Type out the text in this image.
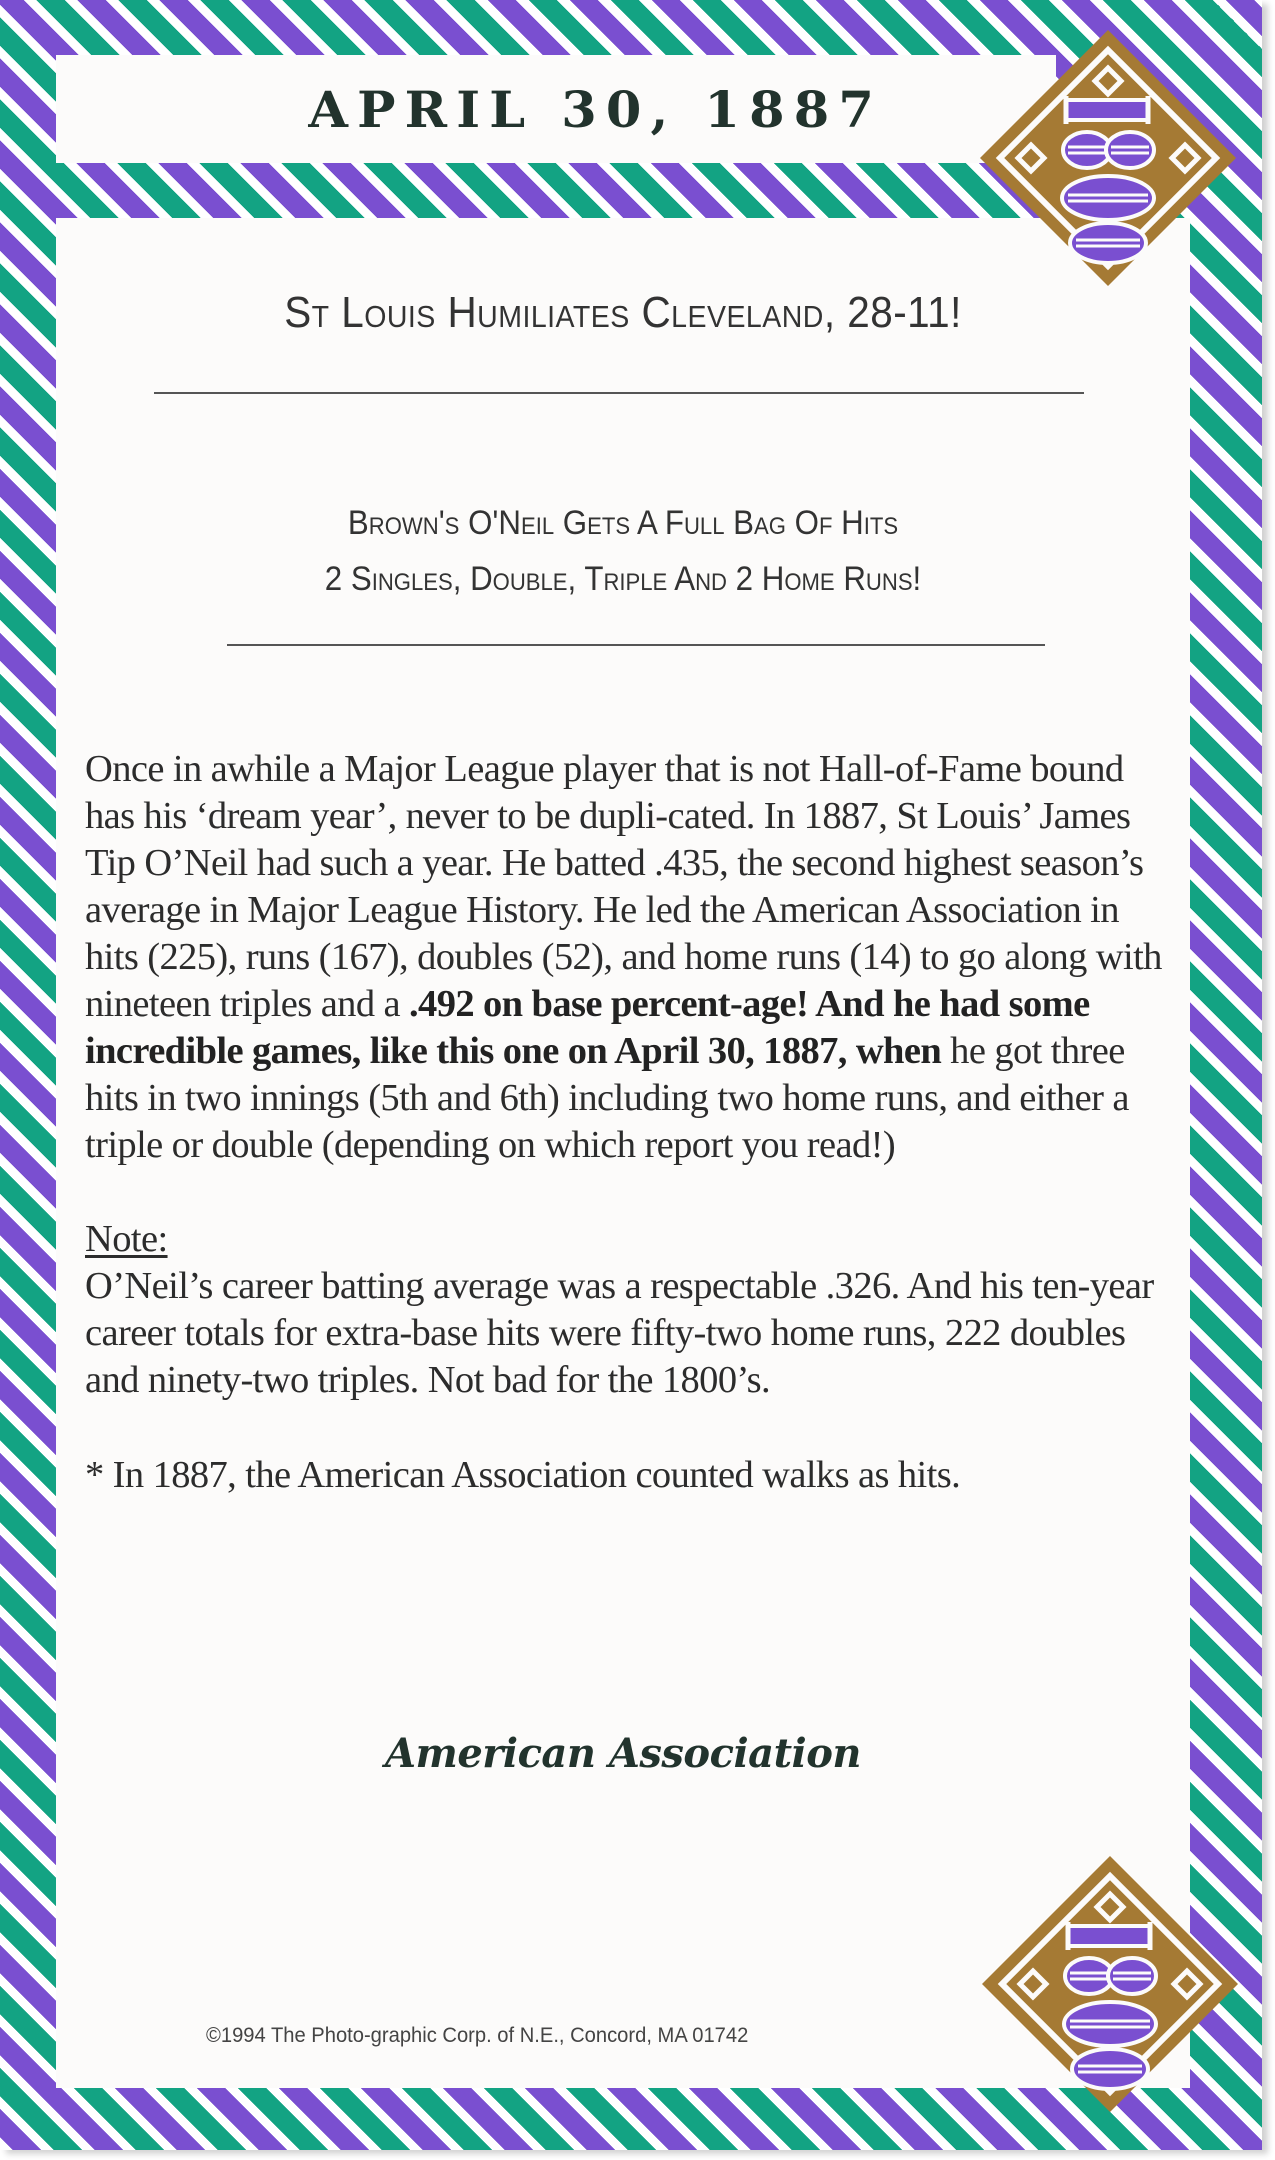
APRIL 30, 1887
St Louis Humiliates Cleveland, 28-11!
Brown's O'Neil Gets A Full Bag Of Hits
2 Singles, Double, Triple And 2 Home Runs!

Once in awhile a Major League player that is not Hall-of-Fame bound has his ‘dream year’, never to be dupli-cated. In 1887, St Louis’ James Tip O’Neil had such a year. He batted .435, the second highest season’s average in Major League History. He led the American Association in hits (225), runs (167), doubles (52), and home runs (14) to go along with nineteen triples and a .492 on base percent-age! And he had some incredible games, like this one on April 30, 1887, when he got three hits in two innings (5th and 6th) including two home runs, and either a triple or double (depending on which report you read!)

Note:
O’Neil’s career batting average was a respectable .326. And his ten-year career totals for extra-base hits were fifty-two home runs, 222 doubles and ninety-two triples. Not bad for the 1800’s.

* In 1887, the American Association counted walks as hits.

American Association
©1994 The Photo-graphic Corp. of N.E., Concord, MA 01742
